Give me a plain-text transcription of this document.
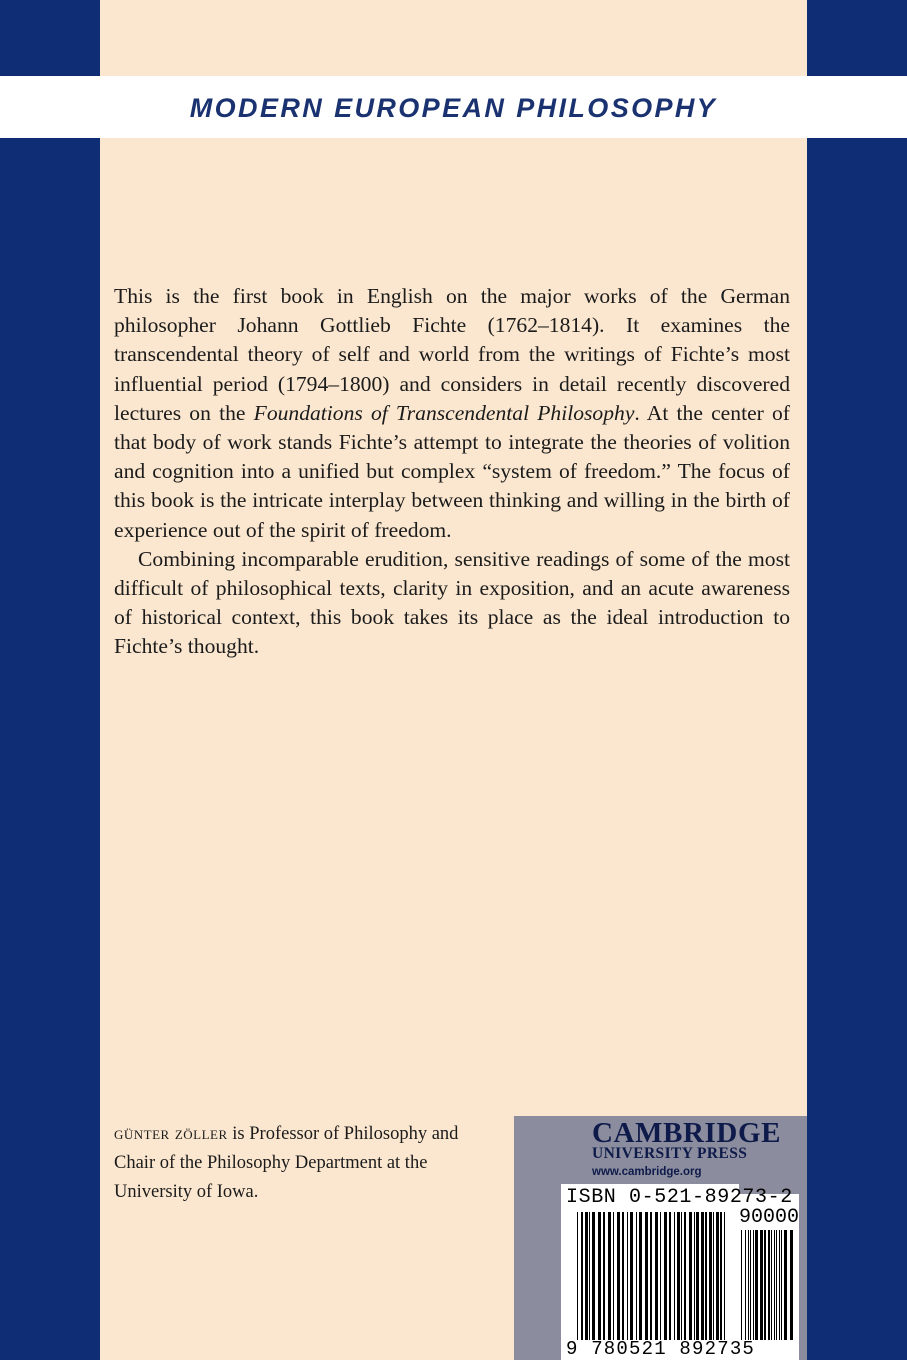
MODERN EUROPEAN PHILOSOPHY

This is the first book in English on the major works of the German philosopher Johann Gottlieb Fichte (1762–1814). It examines the transcendental theory of self and world from the writings of Fichte’s most influential period (1794–1800) and considers in detail recently discovered lectures on the Foundations of Transcendental Philosophy. At the center of that body of work stands Fichte’s attempt to integrate the theories of volition and cognition into a unified but complex “system of freedom.” The focus of this book is the intricate interplay between thinking and willing in the birth of experience out of the spirit of freedom.

Combining incomparable erudition, sensitive readings of some of the most difficult of philosophical texts, clarity in exposition, and an acute awareness of historical context, this book takes its place as the ideal introduction to Fichte’s thought.

günter zöller is Professor of Philosophy and Chair of the Philosophy Department at the University of Iowa.
CAMBRIDGE
UNIVERSITY PRESS
www.cambridge.org
ISBN 0-521-89273-2
90000
9 780521 892735
